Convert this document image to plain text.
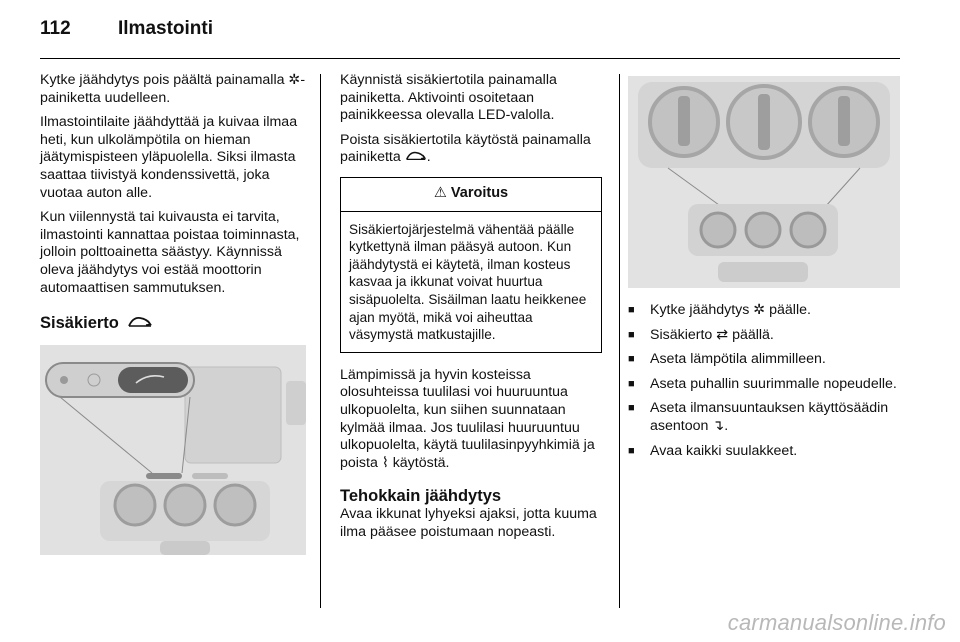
112 Ilmastointi

Kytke jäähdytys pois päältä painamalla ✲-painiketta uudelleen.

Ilmastointilaite jäähdyttää ja kuivaa ilmaa heti, kun ulkolämpötila on hieman jäätymispisteen yläpuolella. Siksi ilmasta saattaa tiivistyä kondenssivettä, joka vuotaa auton alle.

Kun viilennystä tai kuivausta ei tarvita, ilmastointi kannattaa poistaa toiminnasta, jolloin polttoainetta säästyy. Käynnissä oleva jäähdytys voi estää moottorin automaattisen sammutuksen.

Sisäkierto

Käynnistä sisäkiertotila painamalla painiketta. Aktivointi osoitetaan painikkeessa olevalla LED-valolla.

Poista sisäkiertotila käytöstä painamalla painiketta .

⚠ Varoitus
Sisäkiertojärjestelmä vähentää päälle kytkettynä ilman pääsyä autoon. Kun jäähdytystä ei käytetä, ilman kosteus kasvaa ja ikkunat voivat huurtua sisäpuolelta. Sisäilman laatu heikkenee ajan myötä, mikä voi aiheuttaa väsymystä matkustajille.

Lämpimissä ja hyvin kosteissa olosuhteissa tuulilasi voi huuruuntua ulkopuolelta, kun siihen suunnataan kylmää ilmaa. Jos tuulilasi huuruuntuu ulkopuolelta, käytä tuulilasinpyyhkimiä ja poista ⌇ käytöstä.

Tehokkain jäähdytys

Avaa ikkunat lyhyeksi ajaksi, jotta kuuma ilma pääsee poistumaan nopeasti.

■ Kytke jäähdytys ✲ päälle.
■ Sisäkierto ⇄ päällä.
■ Aseta lämpötila alimmilleen.
■ Aseta puhallin suurimmalle nopeudelle.
■ Aseta ilmansuuntauksen käyttösäädin asentoon ↴.
■ Avaa kaikki suulakkeet.
carmanualsonline.info
